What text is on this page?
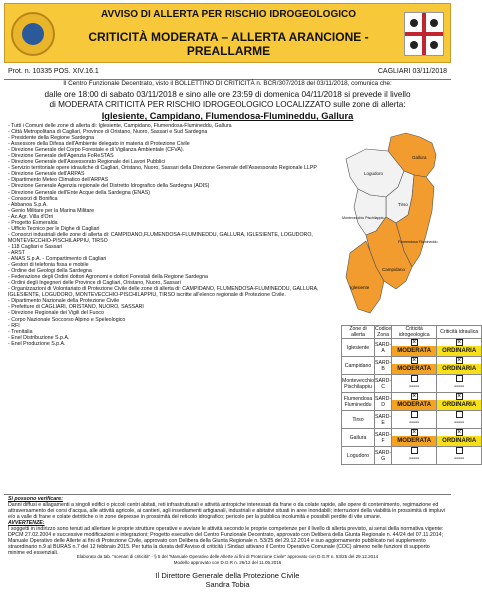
AVVISO DI ALLERTA PER RISCHIO IDROGEOLOGICO
CRITICITÀ MODERATA – ALLERTA ARANCIONE - PREALLARME
Prot. n. 10335 POS. XIV.16.1	CAGLIARI 03/11/2018
Il Centro Funzionale Decentrato, visto il BOLLETTINO DI CRITICITÀ n. BCR/307/2018 del 03/11/2018, comunica che:
dalle ore 18:00 di sabato 03/11/2018 e sino alle ore 23:59 di domenica 04/11/2018 si prevede il livello
di MODERATA CRITICITÀ PER RISCHIO IDROGEOLOGICO LOCALIZZATO sulle zone di allerta:
Iglesiente, Campidano, Flumendosa-Flumineddu, Gallura
- Tutti i Comuni delle zone di allerta di: Iglesiente, Campidano, Flumendosa-Flumineddu, Gallura
- Città Metropolitana di Cagliari, Province di Oristano, Nuoro, Sassari e Sud Sardegna
- Presidente della Regione Sardegna
- Assessore della Difesa dell'Ambiente delegato in materia di Protezione Civile
- Direzione Generale del Corpo Forestale e di Vigilanza Ambientale (CFVA).
- Direzione Generale dell'Agenzia FoReSTAS
- Direzione Generale dell'Assessorato Regionale dei Lavori Pubblici
- Servizio territoriale opere idrauliche di Cagliari, Oristano, Nuoro, Sassari della Direzione Generale dell'Assessorato Regionale LLPP
- Direzione Generale dell'ARPAS
- Dipartimento Meteo Climatico dell'ARPAS
- Direzione Generale Agenzia regionale del Distretto Idrografico della Sardegna (ADIS)
- Direzione Generale dell'Ente Acque della Sardegna (ENAS)
- Consorzi di Bonifica
- Abbanoa S.p.A.
- Genio Militare per la Marina Militare
- Az.Agr. Villa d'Orri
- Progetto Esmeralda
- Ufficio Tecnico per le Dighe di Cagliari
- Consorzi industriali delle zone di allerta di: CAMPIDANO,FLUMENDOSA-FLUMINEDDU, GALLURA, IGLESIENTE, LOGUDORO, MONTEVECCHIO-PISCHILAPPIU, TIRSO
- 118 Cagliari e Sassari
- ARST
- ANAS S.p.A. - Compartimento di Cagliari
- Gestori di telefonia fissa e mobile
- Ordine dei Geologi della Sardegna
- Federazione degli Ordini dottori Agronomi e dottori Forestali della Regione Sardegna
- Ordini degli Ingegneri delle Province di Cagliari, Oristano, Nuoro, Sassari
- Organizzazioni di Volontariato di Protezione Civile delle zone di allerta di: CAMPIDANO, FLUMENDOSA-FLUMINEDDU, GALLURA, IGLESIENTE, LOGUDORO, MONTEVECCHIO-PISCHILAPPIU, TIRSO iscritte all'elenco regionale di Protezione Civile.
- Dipartimento Nazionale della Protezione Civile
- Prefetture di CAGLIARI, ORISTANO, NUORO, SASSARI
- Direzione Regionale dei Vigili del Fuoco
- Corpo Nazionale Soccorso Alpino e Speleologico
- RFI
- Trenitalia
- Enel Distribuzione S.p.A.
- Enel Produzione S.p.A.
Gallura
Logudoro
Tirso
Montevecchio Pischilappiu
Flumendosa Flumineddu
Iglesiente
Campidano
Zone di allerta	Codice Zona	Criticità idrogeologica	Criticità idraulica
Iglesiente	SARD-A	× MODERATA	× ORDINARIA
Campidano	SARD-B	× MODERATA	× ORDINARIA
Montevecchio Pischilappiu	SARD-C	-----	-----
Flumendosa Flumineddu	SARD-D	× MODERATA	× ORDINARIA
Tirso	SARD-E	-----	-----
Gallura	SARD-F	× MODERATA	× ORDINARIA
Logudoro	SARD-G	-----	-----
Si possono verificare:
Danni diffusi e allagamenti a singoli edifici o piccoli centri abitati, reti infrastrutturali e attività antropiche interessati da frane o da colate rapide, alle opere di contenimento, regimazione ed attraversamento dei corsi d'acqua, alle attività agricole, ai cantieri, agli insediamenti artigianali, industriali e abitativi situati in aree inondabili; interruzioni della viabilità in prossimità di impluvi e/o a valle di frane e colate detritiche o in zone depresse in prossimità del reticolo idrografico; pericolo per la pubblica incolumità e possibili perdite di vite umane.
AVVERTENZE:
I soggetti in indirizzo sono tenuti ad allertare le proprie strutture operative e avviare le attività secondo le proprie competenze per il livello di allerta previsto, ai sensi della normativa vigente: DPCM 27.02.2004 e successive modificazioni e integrazioni; Progetto esecutivo del Centro Funzionale Decentrato, approvato con Delibera della Giunta Regionale n. 44/24 del 07.11.2014; Manuale Operativo delle Allerte ai fini di Protezione Civile, approvato con Delibera della Giunta Regionale n. 53/25 del 29.12.2014 e suo aggiornamento pubblicato nel supplemento straordinario n.9 al BURAS n.7 del 12 febbraio 2015. Per tutta la durata dell'Avviso di criticità i Sindaci attivano il Centro Operativo Comunale (COC) almeno nelle funzioni di supporto minime ed essenziali.
Elaborato da tab. "scenari di criticità" - § 5 del "Manuale Operativo delle Allerte ai fini di Protezione Civile" approvato con D.G.R n. 53/25 del 29.12.2014
Modello approvato con D.G.R n. 26/12 del 11.05.2016
Il Direttore Generale della Protezione Civile
Sandra Tobia
